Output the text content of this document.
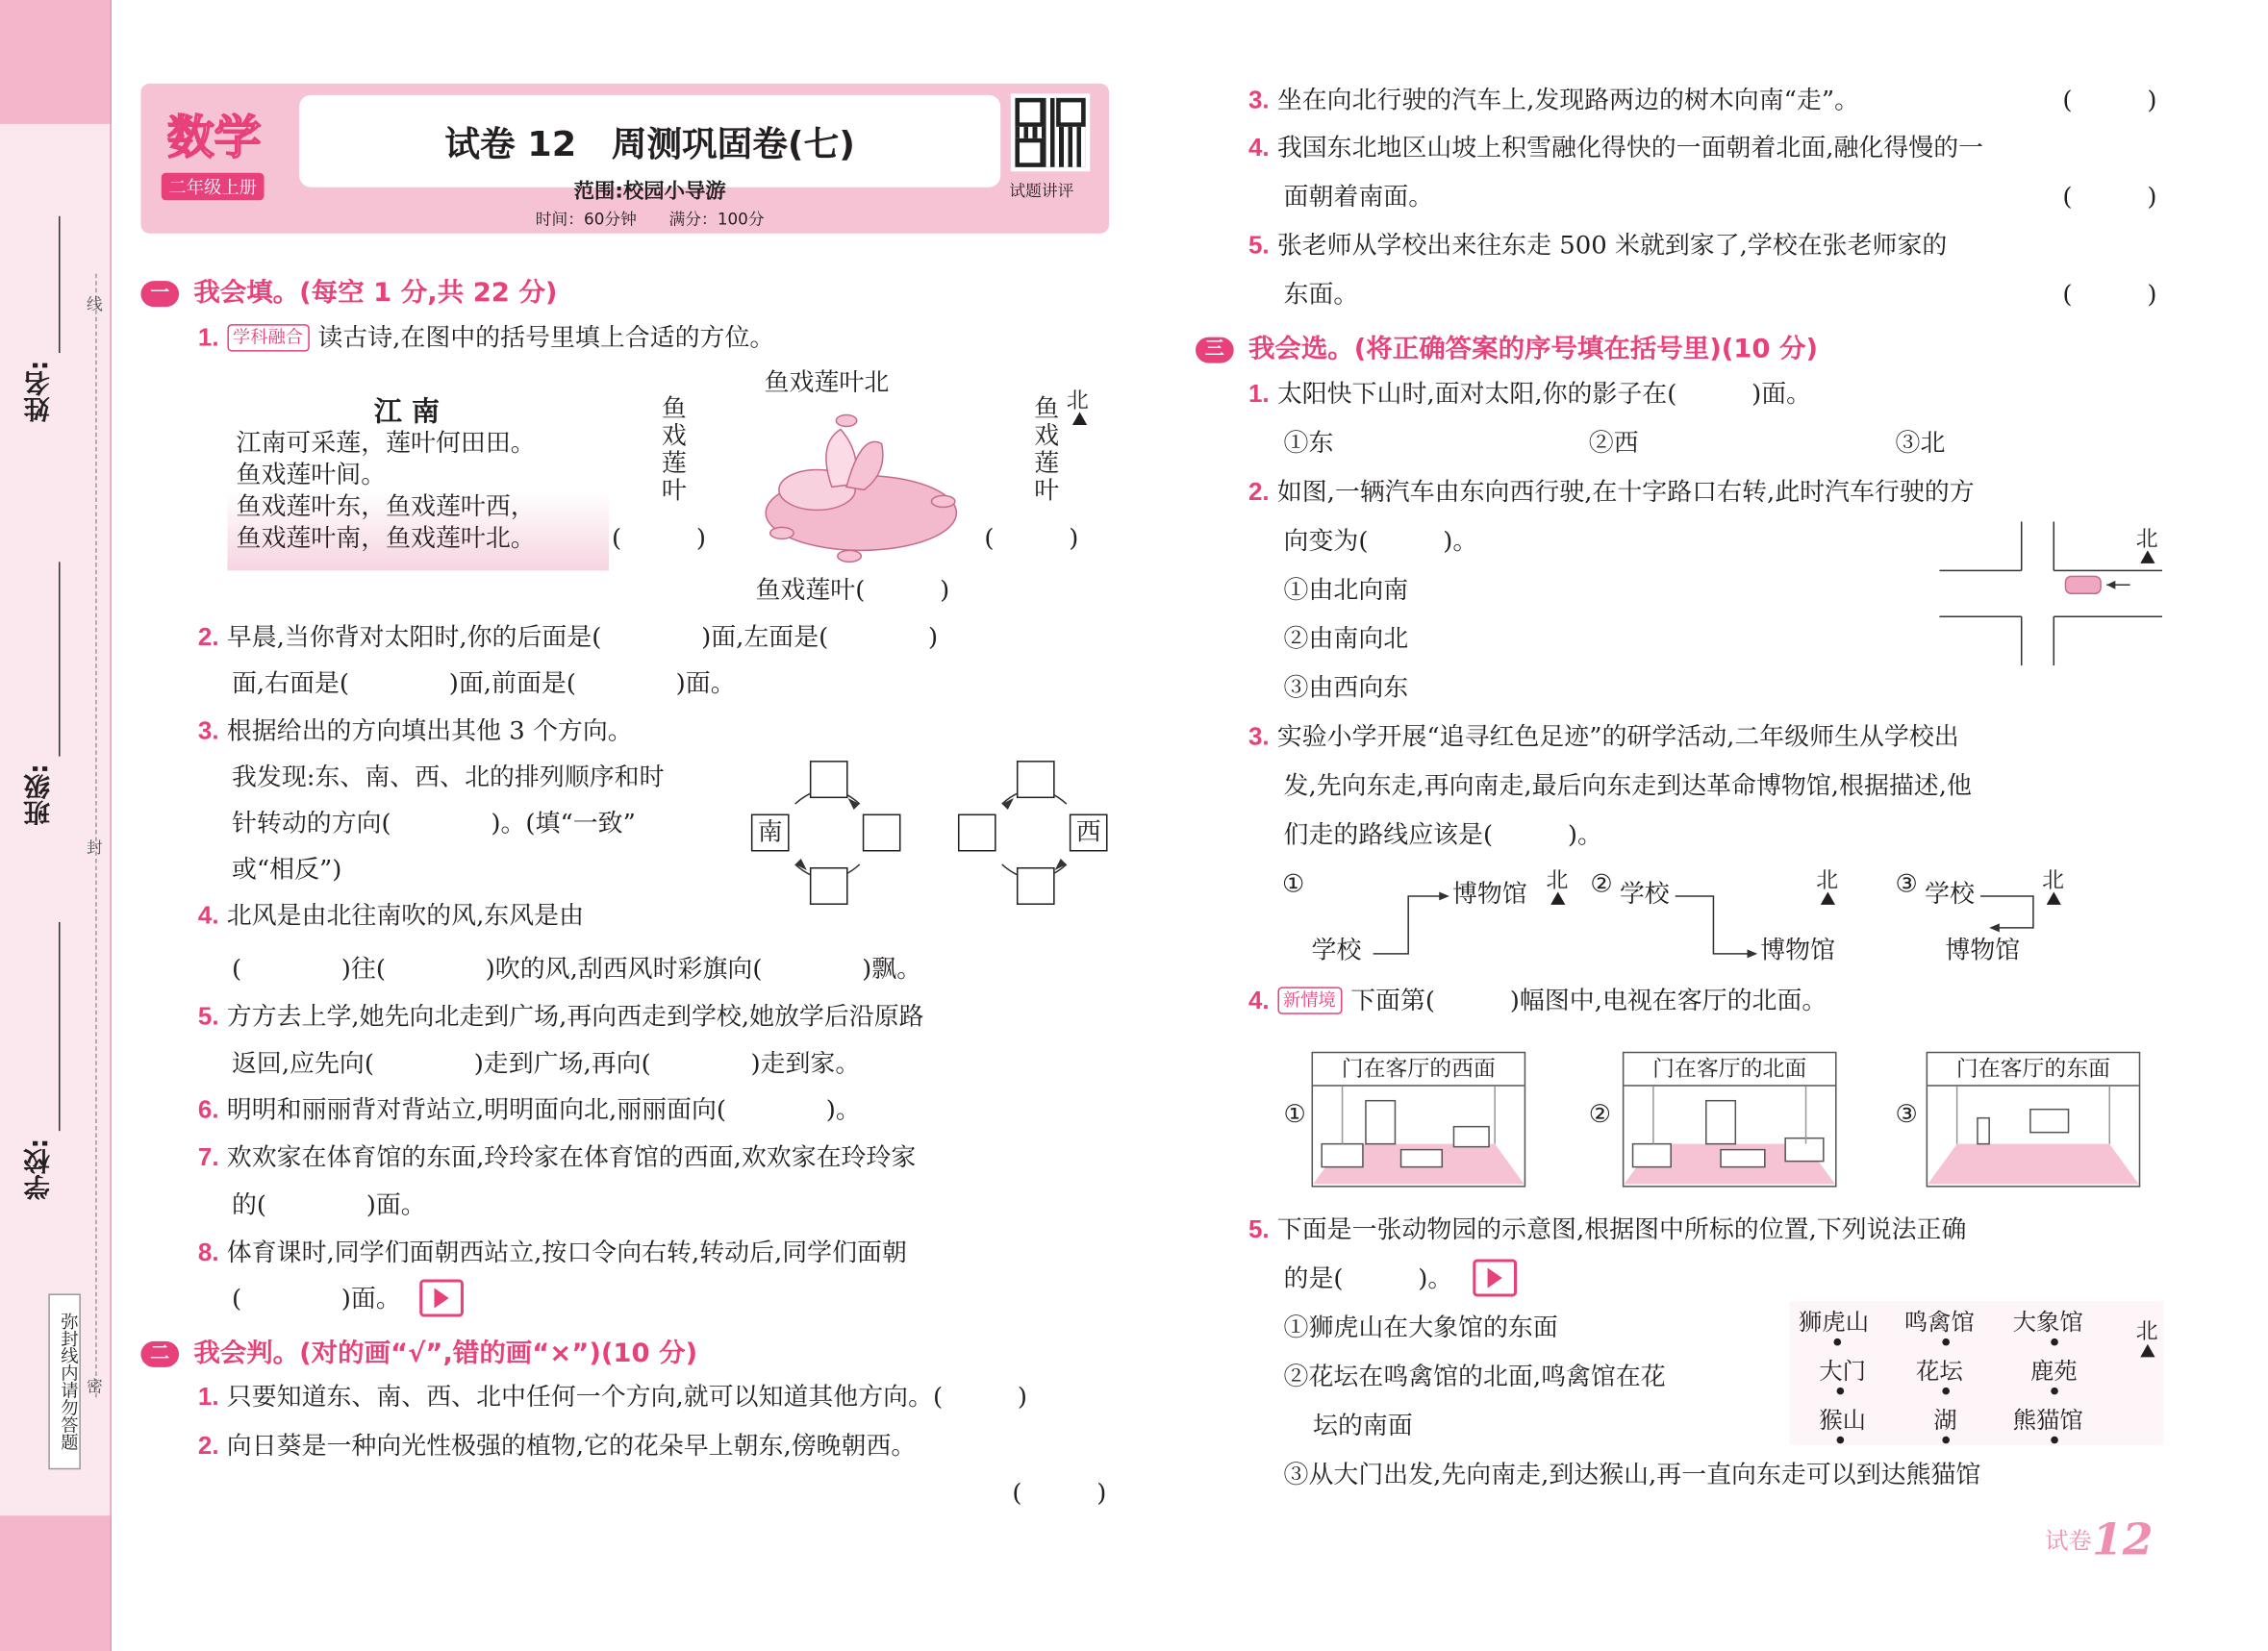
姓名:
班级:
学校:
线
封
密
弥封线内请勿答题
数学
二年级上册
试卷 12　周测巩固卷(七)
范围:校园小导游
时间：60分钟　　满分：100分
试题讲评
一 我会填。(每空 1 分,共 22 分)
1. 学科融合 读古诗,在图中的括号里填上合适的方位。
江 南
江南可采莲，莲叶何田田。
鱼戏莲叶间。
鱼戏莲叶东，鱼戏莲叶西，
鱼戏莲叶南，鱼戏莲叶北。
鱼戏莲叶北
鱼戏莲叶	鱼戏莲叶
(　　　)	(　　　)
鱼戏莲叶(　　　)
北
2. 早晨,当你背对太阳时,你的后面是(　　　　)面,左面是(　　　　)
面,右面是(　　　　)面,前面是(　　　　)面。
3. 根据给出的方向填出其他 3 个方向。
我发现:东、南、西、北的排列顺序和时
针转动的方向(　　　　)。(填“一致”
或“相反”)
南	西
4. 北风是由北往南吹的风,东风是由
(　　　　)往(　　　　)吹的风,刮西风时彩旗向(　　　　)飘。
5. 方方去上学,她先向北走到广场,再向西走到学校,她放学后沿原路
返回,应先向(　　　　)走到广场,再向(　　　　)走到家。
6. 明明和丽丽背对背站立,明明面向北,丽丽面向(　　　　)。
7. 欢欢家在体育馆的东面,玲玲家在体育馆的西面,欢欢家在玲玲家
的(　　　　)面。
8. 体育课时,同学们面朝西站立,按口令向右转,转动后,同学们面朝
(　　　　)面。
二 我会判。(对的画“√”,错的画“×”)(10 分)
1. 只要知道东、南、西、北中任何一个方向,就可以知道其他方向。(　　　)
2. 向日葵是一种向光性极强的植物,它的花朵早上朝东,傍晚朝西。
(　　　)
3. 坐在向北行驶的汽车上,发现路两边的树木向南“走”。	(　　　)
4. 我国东北地区山坡上积雪融化得快的一面朝着北面,融化得慢的一
面朝着南面。	(　　　)
5. 张老师从学校出来往东走 500 米就到家了,学校在张老师家的
东面。	(　　　)
三 我会选。(将正确答案的序号填在括号里)(10 分)
1. 太阳快下山时,面对太阳,你的影子在(　　　)面。
①东	②西	③北
2. 如图,一辆汽车由东向西行驶,在十字路口右转,此时汽车行驶的方
向变为(　　　)。
①由北向南
②由南向北
③由西向东
北
3. 实验小学开展“追寻红色足迹”的研学活动,二年级师生从学校出
发,先向东走,再向南走,最后向东走到达革命博物馆,根据描述,他
们走的路线应该是(　　　)。
①
学校
博物馆
北 ② 学校
博物馆
北	③ 学校
博物馆
北
4. 新情境 下面第(　　　)幅图中,电视在客厅的北面。
①
门在客厅的西面
②
门在客厅的北面
③
门在客厅的东面
5. 下面是一张动物园的示意图,根据图中所标的位置,下列说法正确
的是(　　　)。
①狮虎山在大象馆的东面
②花坛在鸣禽馆的北面,鸣禽馆在花
坛的南面
③从大门出发,先向南走,到达猴山,再一直向东走可以到达熊猫馆
狮虎山 鸣禽馆 大象馆
大门	花坛	鹿苑
猴山	湖	熊猫馆
北
试卷12
